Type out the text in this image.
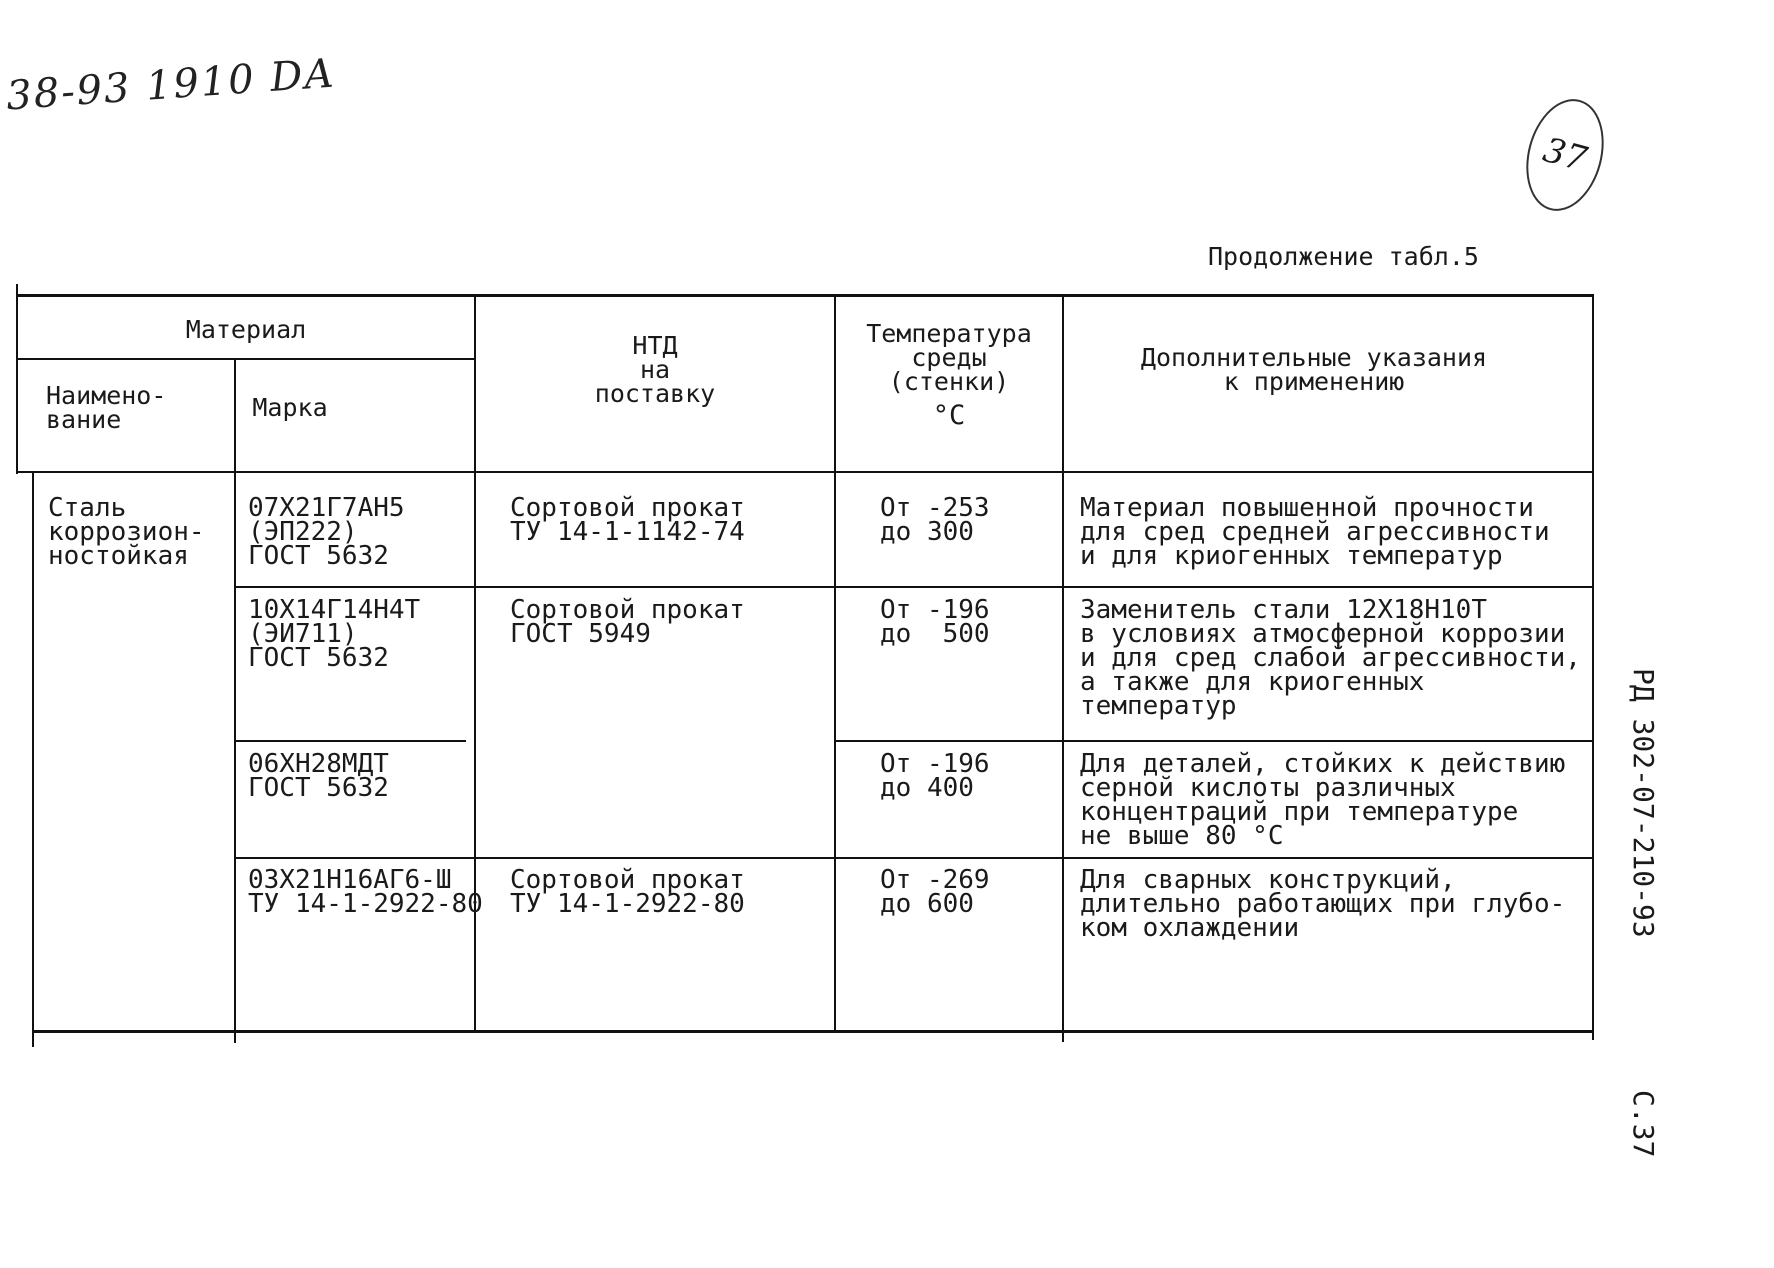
38-93 1910 DA
37
Продолжение табл.5
Материал
Наимено-
вание	Марка
НТД
на
поставку
Температура
среды
(стенки)
°C
Дополнительные указания
к применению
Сталь
коррозион-
ностойкая
07Х21Г7АН5
(ЭП222)
ГОСТ 5632
Сортовой прокат
ТУ 14-1-1142-74
От -253
до 300
Материал повышенной прочности
для сред средней агрессивности
и для криогенных температур
10Х14Г14Н4Т
(ЭИ711)
ГОСТ 5632
Сортовой прокат
ГОСТ 5949
От -196
до  500
Заменитель стали 12Х18Н10Т
в условиях атмосферной коррозии
и для сред слабой агрессивности,
а также для криогенных
температур
06ХН28МДТ
ГОСТ 5632
От -196
до 400
Для деталей, стойких к действию
серной кислоты различных
концентраций при температуре
не выше 80 °С
03Х21Н16АГ6-Ш
ТУ 14-1-2922-80
Сортовой прокат
ТУ 14-1-2922-80
От -269
до 600
Для сварных конструкций,
длительно работающих при глубо-
ком охлаждении	РД 302-07-210-93
С.37
